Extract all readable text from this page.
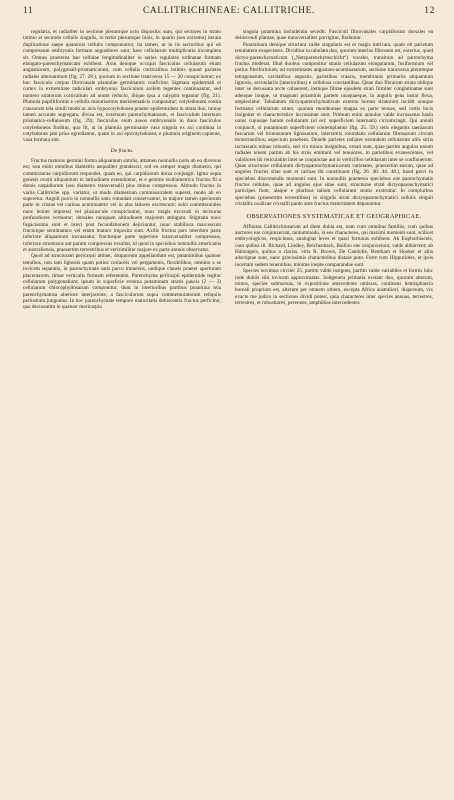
11	CALLITRICHINEAE: CALLITRICHE.	12

regularia, et radialiter in sectione plerumque octo disposita: sunt, qui sectores in strato intimo et secundo cellulis singulis, in tertio plerumque binis, in quarto (seu extremo) iterata duplicatione saepe quaternis cellulis componuntur, ita tamen, ut in iis sectoribus qui ob compressum embryonis formam angustiores sunt, haec cellularum multiplicatio incompleta sit. Omnes praeterea hae cellulae longitudinaliter in series regulares ordinatae formam elongato-parenchymaticam exhibent. Axin denique occupat fasciculus cellularum etiam angustiorum, polygonali-prismaticarum, cum cellulis corticalibus intimis quoad parietes radiales alternantium (fig. 27. 28.), quorum in sectione transversa 15 — 20 conspiciuntur; ex hoc fasciculo corpus fibrovasale plantulae germinantis conficitur. Sigmata epidermali et cortex in extremitate radiculari embryonis fasciculum axilem tegentes continuantur, sed numero stratorum corticalium ad unum reducto, ibique ipsa a calyptra tegantur (fig. 21). Plumula papilliformis e cellulis minutissimis meristematicis componitur; cotyledonum contra crassorum tela simili modo ac axis hypocotyledonea praeter epidermidem in strata duo, minus tamen accurate segregata, divisa est, externum parenchymatosum, et fasciculum internum prismatico-cellulosum (fig. 29); fasciculus enim axeos embryonalis in duos fasciculos cotyledoneos finditur, quo fit, ut in plantula germinante vasa singula ex axi continua in cotyledones jam prius egrediantur, quam in axi epicotyledonea, e plumula originem capiente, vasa formata sint.

De fructu.

Fructus maturus germini forma aliquantum similis, attamen nonnullis notis ab eo diversus est; non enim omnibus diametris aequaliter grandescit, sed eo semper magis diametro, qui commissurae carpidiorum respondet, quam eo, qui carpidiorum dorsa conjungit. Igitur septa genesis ovarii aliquantum in latitudinem extenduntur, et e gemme isodiametrico fructus fit a dorsis carpidiorum (seu diametro transversali) plus minus compressus. Altitudo fructus in variis Callitriche spp. variatur, ut modo diametrum commissuralem superet, modo ab eo superetur. Anguli porro in nonnullis satis rotundati conservantur, in majore tamen specierum parte in cristas vel carinas acuminantur vel in alas latiores excrescunt; sulci commissurales nunc leniter impressi vel plusiuscule conspiciuntur, nunc magis excavati in incisuras profundiores vertuntur; dorsales nunquam altitudinem majorem attingunt. Stigmata nunc fugacissima sunt et brevi post fecundationem dejiciuntur, nunc stabiliora marcescunt fructuique semimaturo vel etiam maturo imposita sunt. Axilis fructus pars interdum parte inferiore aliquantum incrassatur, fructusque parte superiore transversaliter compressus, inferiore strumosus aut parum compressus exsultat, id quod in speciebus nonnullis americanis et australiensis, praesertim terrestribus et verisimiliter majore ex parte annuis observatur.

Quod ad structuram pericarpii attinet, drupaceum appellandum est, putaminibus quatuor tenuibus, non tam lignosis quam potius coriaceis vel pergamenis, flexibilibus, omnino a se invicem separatis, in parenchymate satis parco immersis, undique clausis praeter aperturam placentarem, rimae verticalis formam referentem. Parenchyma pericarpii epidermide tegitur cellularum polygonalium; ipsum in superficie externa putaminum stratis paucis (2 — 3) cellularum chlorophyllosarum componitur, dum in interioribus partibus putamina tela parenchymatosa uberiore interjacente, a fasciculorum supra commemoratorum reliquiis perlustrata junguntur. In hoc parenchymate tempore maturitatis dehiscentia fructus perficitur, qua decussatim in quatuor mericarpia

singula putamina includentia secedit. Fasciculi fibrovasales carpidiorum dorsales ea dehiscendi plantae, quae transversaliter porrigitur, finduntur.

Putaminum denique structura valde singularis est et magis intricata, quam ob parietum tenuitatem exspectares. Dividitur in tabulata duo, quorum interius fibrosum est, exterius, quod dictyo-parenchymaticum („Netzparenchymschicht“) vocabo, transitum ad parenchyma fructus moderat. Illud duobus componitur stratis cellularum elongatarum, fusiformium vel potius fibriformium, ad extremitates angustato-acuminatarum, sectione transversa plerumque tetragonarum, cavitatibus angustis, parietibus crassis, membranis primariis aliquantum lignosis, secundariis (interioribus) e cellulosa constantibus. Quae duo fibrarum strata oblique inter se decussata arcte cohaerent, itemque fibrae ejusdem strati firmiter conglutinatae sunt adeoque longae, ut magnam putaminis partem unaquaeque, in angulis gens instar flexa, amplectatur. Tabulatum dictyoparenchymaticum externo horum stratorum incidit unoque formatur cellularum strato, quarum membranae magna ex parte tenues, sed certis locis insigniter et characteristice incrassatae sunt. Primum enim annulus valde incrassatus basin unius cujusque harum cellularum (id est: superficiem internam) circumcingit. Qui annuli conjuncti, si putaminum superficiem contemplamur (fig. 25. 59.) retis elegantis taeniarum fuscarum vel brunnearum lignosarum, interstitiis rotundatis cellularum fibrosarum circum monstrantibus, aspectum praebent. Deinde parietes radiales earundem cellularum aliis striis incrassatis minus robustis, sed vix minus insignibus, ornati sunt, quae partim angulos earum radiales tenent partim ab his striis emittunt vel tenuiores, in parietibus evanescentes, vel validiores ibi reticulatim inter se conjunctae aut in verticillos cellularum inter se conflunerunt. Quae structurae cellularum dictyoparenchymaticarum varietates, praesertim earum, quae ad angulos fructus sitae sunt et carinas ibi constituunt (fig. 26. 40. 44. 48.), haud parvi in speciebus discernendis momenti sunt. In nonnullis praeterea speciebus eae parenchymatis fructus cellulae, quae ad angulos ejus sitae sunt, structurae strati dictyoparenchymatici participes fiunt, alaque e pluribus talium cellularum stratis exstruitur. In complurbus speciebus (praesertim terrestribus) in singulis strati dictyoparenchymatici cellulis singuli cristallis oxalicae crystalli paulo ante fructus maturitatem deponuntur.

OBSERVATIONES SYSTEMATICAE ET GEOGRAPHICAE.

Affinitas Callitrichinearum ad diem dubia est, nam cum omnibus familiis, cum quibus auctores eas conjunxerunt, tantummodo, si eos characteres, qui maximi momenti sunt, scilicet embryologicos, respicimus, analogias leves et quasi fortuitas exhibent. Ab Euphorbiaceis, cum quibus ill. Richard, Lindley, Reichenbach, Baillon eas conjunxerunt, valde abhorrent; ab Halorageis, quibus a clariss. viris R. Brown, De Candolle, Bentham et Hooker et aliis adscriptae sunt, nunc gravissimis characteribus distare puto. Forte cum Hippurideis, et ipsis incertam sedem tenentibus, minime inepte comparandae sunt.

Species novimus circiter 25, partim valde insignes, partim valde variabiles et formis hinc inde dubiis sibi invicem approximatas. Subgenera primaria exstant duo, quorum alterum, minus, species submersas, in expositione antecedente omissas, continens hemisphaerio boreali proprium est, alterum per omnem orbem, excepta Africa australiori, dispersum, vix exacte me judice in sectiones dividi potest, quia characteres inter species annuas, terrestres, terrestres, et robustiores, perennes, amphibias intercedentes
